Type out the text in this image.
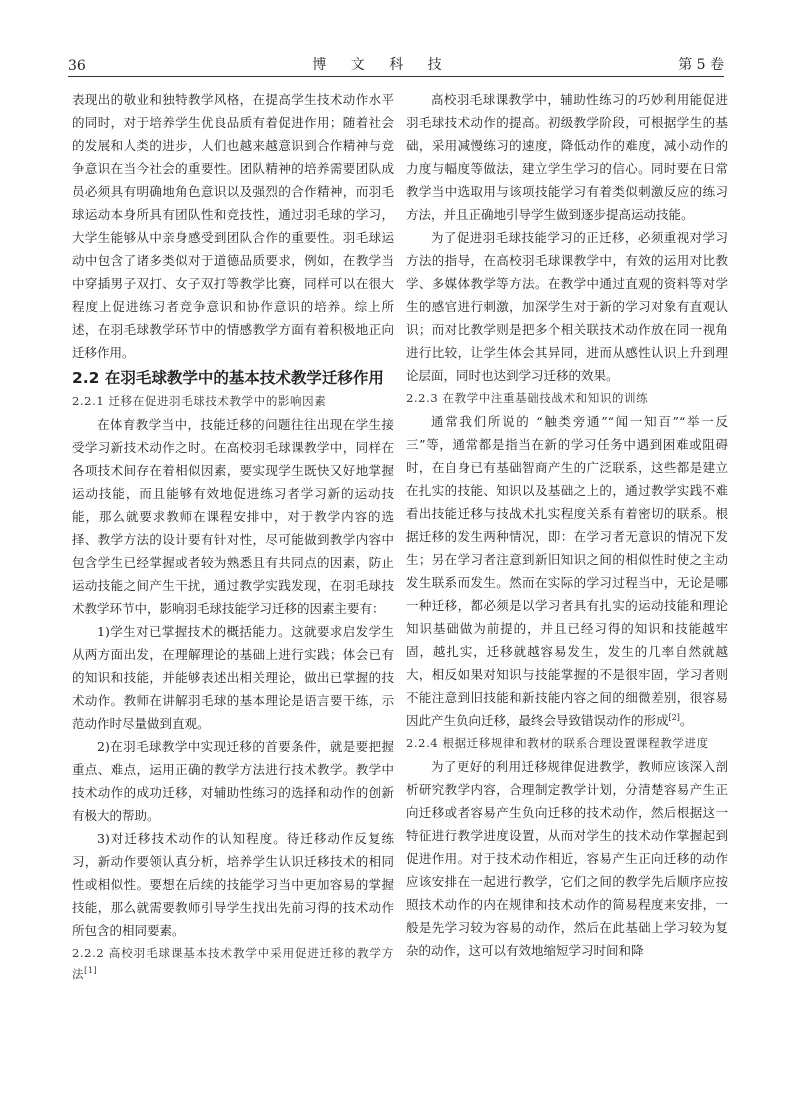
36	博 文 科 技	第 5 卷

表现出的敬业和独特教学风格，在提高学生技术动作水平的同时，对于培养学生优良品质有着促进作用；随着社会的发展和人类的进步，人们也越来越意识到合作精神与竞争意识在当今社会的重要性。团队精神的培养需要团队成员必须具有明确地角色意识以及强烈的合作精神，而羽毛球运动本身所具有团队性和竞技性，通过羽毛球的学习，大学生能够从中亲身感受到团队合作的重要性。羽毛球运动中包含了诸多类似对于道德品质要求，例如，在教学当中穿插男子双打、女子双打等教学比赛，同样可以在很大程度上促进练习者竞争意识和协作意识的培养。综上所述，在羽毛球教学环节中的情感教学方面有着积极地正向迁移作用。

2.2 在羽毛球教学中的基本技术教学迁移作用
2.2.1 迁移在促进羽毛球技术教学中的影响因素

在体育教学当中，技能迁移的问题往往出现在学生接受学习新技术动作之时。在高校羽毛球课教学中，同样在各项技术间存在着相似因素，要实现学生既快又好地掌握运动技能，而且能够有效地促进练习者学习新的运动技能，那么就要求教师在课程安排中，对于教学内容的选择、教学方法的设计要有针对性，尽可能做到教学内容中包含学生已经掌握或者较为熟悉且有共同点的因素，防止运动技能之间产生干扰，通过教学实践发现，在羽毛球技术教学环节中，影响羽毛球技能学习迁移的因素主要有：

1)学生对已掌握技术的概括能力。这就要求启发学生从两方面出发，在理解理论的基础上进行实践；体会已有的知识和技能，并能够表述出相关理论，做出已掌握的技术动作。教师在讲解羽毛球的基本理论是语言要干练，示范动作时尽量做到直观。

2)在羽毛球教学中实现迁移的首要条件，就是要把握重点、难点，运用正确的教学方法进行技术教学。教学中技术动作的成功迁移，对辅助性练习的选择和动作的创新有极大的帮助。

3)对迁移技术动作的认知程度。待迁移动作反复练习，新动作要领认真分析，培养学生认识迁移技术的相同性或相似性。要想在后续的技能学习当中更加容易的掌握技能，那么就需要教师引导学生找出先前习得的技术动作所包含的相同要素。

2.2.2 高校羽毛球课基本技术教学中采用促进迁移的教学方法[1]

高校羽毛球课教学中，辅助性练习的巧妙利用能促进羽毛球技术动作的提高。初级教学阶段，可根据学生的基础，采用减慢练习的速度，降低动作的难度，减小动作的力度与幅度等做法，建立学生学习的信心。同时要在日常教学当中选取用与该项技能学习有着类似刺激反应的练习方法，并且正确地引导学生做到逐步提高运动技能。

为了促进羽毛球技能学习的正迁移，必须重视对学习方法的指导，在高校羽毛球课教学中，有效的运用对比教学、多媒体教学等方法。在教学中通过直观的资料等对学生的感官进行刺激，加深学生对于新的学习对象有直观认识；而对比教学则是把多个相关联技术动作放在同一视角进行比较，让学生体会其异同，进而从感性认识上升到理论层面，同时也达到学习迁移的效果。

2.2.3 在教学中注重基础技战术和知识的训练

通常我们所说的 “触类旁通”“闻一知百”“举一反三”等，通常都是指当在新的学习任务中遇到困难或阻碍时，在自身已有基础智商产生的广泛联系，这些都是建立在扎实的技能、知识以及基础之上的，通过教学实践不难看出技能迁移与技战术扎实程度关系有着密切的联系。根据迁移的发生两种情况，即：在学习者无意识的情况下发生；另在学习者注意到新旧知识之间的相似性时使之主动发生联系而发生。然而在实际的学习过程当中，无论是哪一种迁移，都必须是以学习者具有扎实的运动技能和理论知识基础做为前提的，并且已经习得的知识和技能越牢固，越扎实，迁移就越容易发生，发生的几率自然就越大，相反如果对知识与技能掌握的不是很牢固，学习者则不能注意到旧技能和新技能内容之间的细微差别，很容易因此产生负向迁移，最终会导致错误动作的形成[2]。

2.2.4 根据迁移规律和教材的联系合理设置课程教学进度

为了更好的利用迁移规律促进教学，教师应该深入剖析研究教学内容，合理制定教学计划，分清楚容易产生正向迁移或者容易产生负向迁移的技术动作，然后根据这一特征进行教学进度设置，从而对学生的技术动作掌握起到促进作用。对于技术动作相近，容易产生正向迁移的动作应该安排在一起进行教学，它们之间的教学先后顺序应按照技术动作的内在规律和技术动作的简易程度来安排，一般是先学习较为容易的动作，然后在此基础上学习较为复杂的动作，这可以有效地缩短学习时间和降
